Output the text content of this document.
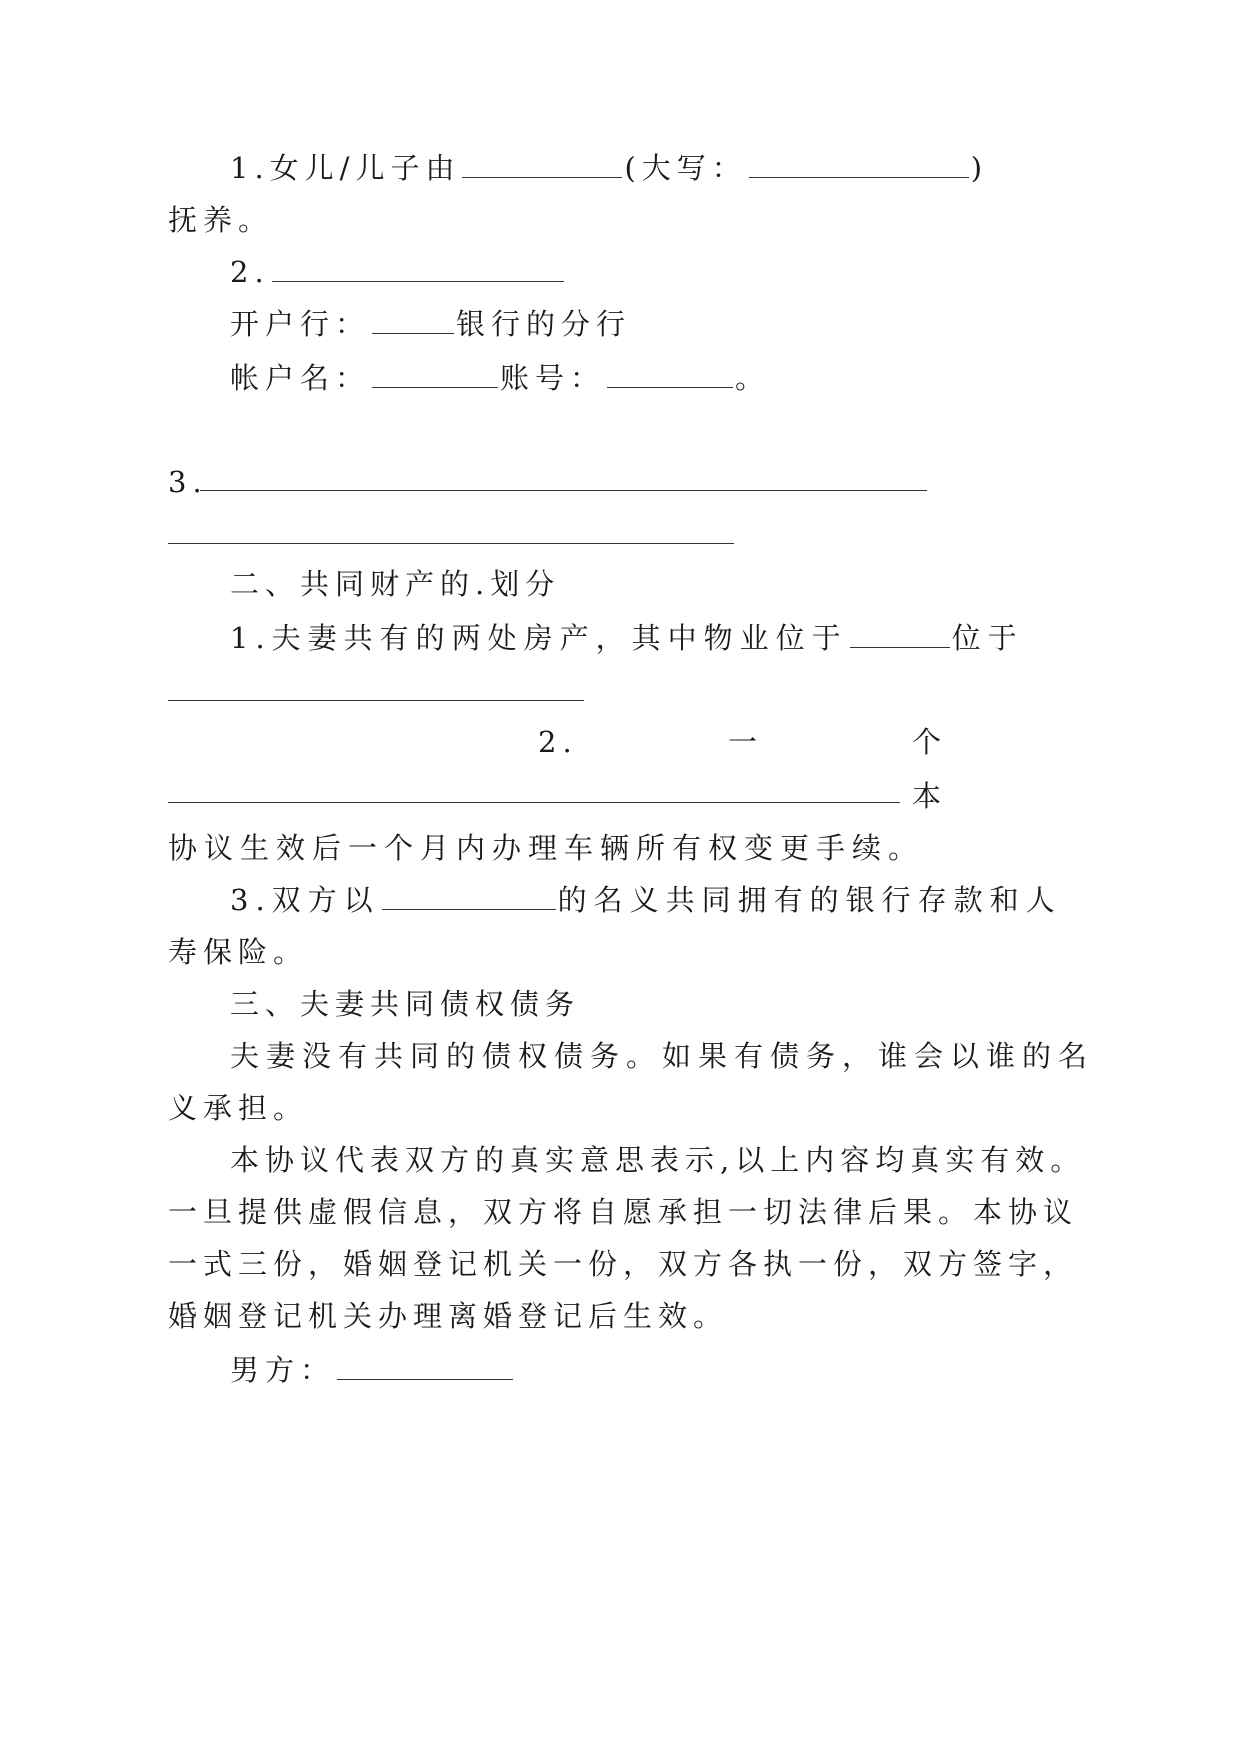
1.女儿/儿子由	(大写：	)
抚养。
2.
开户行：	银行的分行
帐户名：	账号：	。
3.
二、共同财产的.划分
1.夫妻共有的两处房产，其中物业位于	位于
2.	一	个
本
协议生效后一个月内办理车辆所有权变更手续。
3.双方以	的名义共同拥有的银行存款和人
寿保险。
三、夫妻共同债权债务
夫妻没有共同的债权债务。如果有债务，谁会以谁的名
义承担。
本协议代表双方的真实意思表示,以上内容均真实有效。
一旦提供虚假信息，双方将自愿承担一切法律后果。本协议
一式三份，婚姻登记机关一份，双方各执一份，双方签字，
婚姻登记机关办理离婚登记后生效。
男方：
